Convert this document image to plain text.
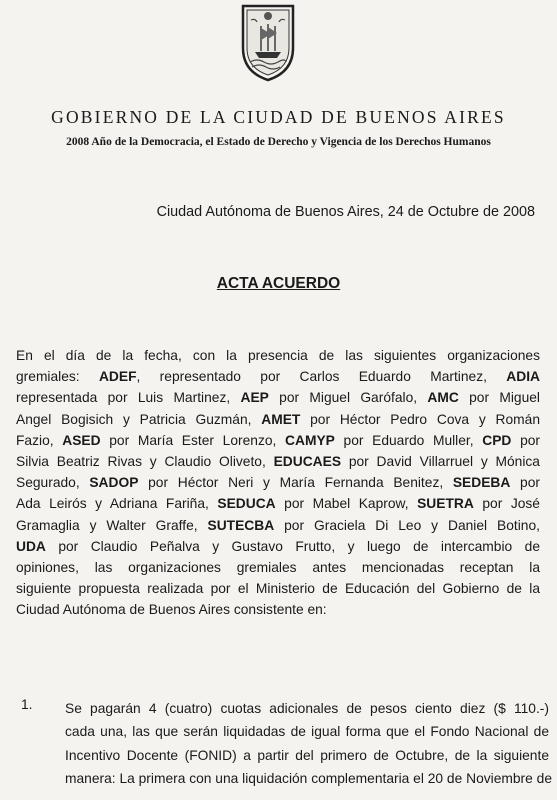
GOBIERNO DE LA CIUDAD DE BUENOS AIRES
2008 Año de la Democracia, el Estado de Derecho y Vigencia de los Derechos Humanos
Ciudad Autónoma de Buenos Aires, 24 de Octubre de 2008
ACTA ACUERDO
En el día de la fecha, con la presencia de las siguientes organizaciones
gremiales: ADEF, representado por Carlos Eduardo Martinez, ADIA
representada por Luis Martinez, AEP por Miguel Garófalo, AMC por Miguel
Angel Bogisich y Patricia Guzmán, AMET por Héctor Pedro Cova y Román
Fazio, ASED por María Ester Lorenzo, CAMYP por Eduardo Muller, CPD por
Silvia Beatriz Rivas y Claudio Oliveto, EDUCAES por David Villarruel y Mónica
Segurado, SADOP por Héctor Neri y María Fernanda Benitez, SEDEBA por
Ada Leirós y Adriana Fariña, SEDUCA por Mabel Kaprow, SUETRA por José
Gramaglia y Walter Graffe, SUTECBA por Graciela Di Leo y Daniel Botino,
UDA por Claudio Peñalva y Gustavo Frutto, y luego de intercambio de
opiniones, las organizaciones gremiales antes mencionadas receptan la
siguiente propuesta realizada por el Ministerio de Educación del Gobierno de la
Ciudad Autónoma de Buenos Aires consistente en:
1. Se pagarán 4 (cuatro) cuotas adicionales de pesos ciento diez ($ 110.-)
cada una, las que serán liquidadas de igual forma que el Fondo Nacional de
Incentivo Docente (FONID) a partir del primero de Octubre, de la siguiente
manera: La primera con una liquidación complementaria el 20 de Noviembre de
